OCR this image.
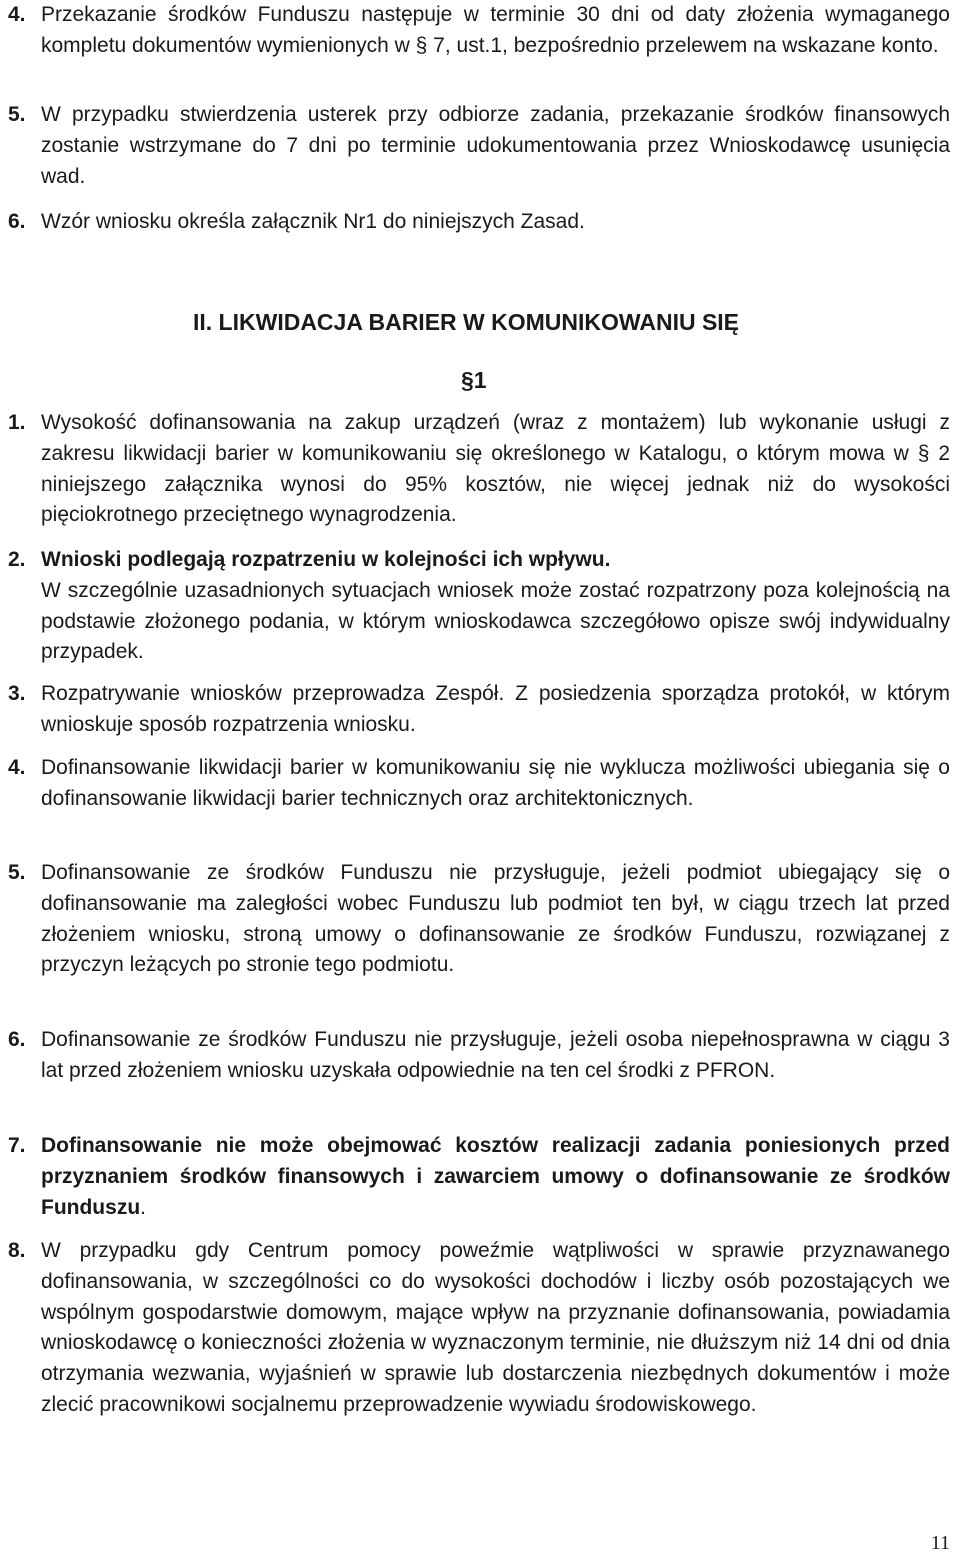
4. Przekazanie środków Funduszu następuje w terminie 30 dni od daty złożenia wymaganego kompletu dokumentów wymienionych w § 7, ust.1, bezpośrednio przelewem na wskazane konto.
5. W przypadku stwierdzenia usterek przy odbiorze zadania, przekazanie środków finansowych zostanie wstrzymane do 7 dni po terminie udokumentowania przez Wnioskodawcę usunięcia wad.
6. Wzór wniosku określa załącznik Nr1 do niniejszych Zasad.
II. LIKWIDACJA BARIER W KOMUNIKOWANIU SIĘ
§1
1. Wysokość dofinansowania na zakup urządzeń (wraz z montażem) lub wykonanie usługi z zakresu likwidacji barier w komunikowaniu się określonego w Katalogu, o którym mowa w § 2 niniejszego załącznika wynosi do 95% kosztów, nie więcej jednak niż do wysokości pięciokrotnego przeciętnego wynagrodzenia.
2. Wnioski podlegają rozpatrzeniu w kolejności ich wpływu.
W szczególnie uzasadnionych sytuacjach wniosek może zostać rozpatrzony poza kolejnością na podstawie złożonego podania, w którym wnioskodawca szczegółowo opisze swój indywidualny przypadek.
3. Rozpatrywanie wniosków przeprowadza Zespół. Z posiedzenia sporządza protokół, w którym wnioskuje sposób rozpatrzenia wniosku.
4. Dofinansowanie likwidacji barier w komunikowaniu się nie wyklucza możliwości ubiegania się o dofinansowanie likwidacji barier technicznych oraz architektonicznych.
5. Dofinansowanie ze środków Funduszu nie przysługuje, jeżeli podmiot ubiegający się o dofinansowanie ma zaległości wobec Funduszu lub podmiot ten był, w ciągu trzech lat przed złożeniem wniosku, stroną umowy o dofinansowanie ze środków Funduszu, rozwiązanej z przyczyn leżących po stronie tego podmiotu.
6. Dofinansowanie ze środków Funduszu nie przysługuje, jeżeli osoba niepełnosprawna w ciągu 3 lat przed złożeniem wniosku uzyskała odpowiednie na ten cel środki z PFRON.
7. Dofinansowanie nie może obejmować kosztów realizacji zadania poniesionych przed przyznaniem środków finansowych i zawarciem umowy o dofinansowanie ze środków Funduszu.
8. W przypadku gdy Centrum pomocy poweźmie wątpliwości w sprawie przyznawanego dofinansowania, w szczególności co do wysokości dochodów i liczby osób pozostających we wspólnym gospodarstwie domowym, mające wpływ na przyznanie dofinansowania, powiadamia wnioskodawcę o konieczności złożenia w wyznaczonym terminie, nie dłuższym niż 14 dni od dnia otrzymania wezwania, wyjaśnień w sprawie lub dostarczenia niezbędnych dokumentów i może zlecić pracownikowi socjalnemu przeprowadzenie wywiadu środowiskowego.
11
